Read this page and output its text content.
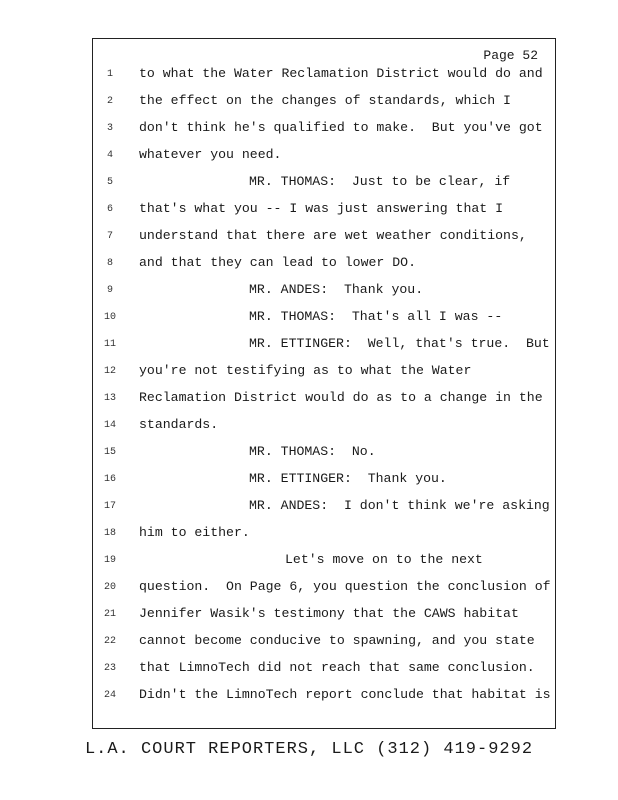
Page 52
1	to what the Water Reclamation District would do and
2	the effect on the changes of standards, which I
3	don't think he's qualified to make.  But you've got
4	whatever you need.
5	MR. THOMAS:  Just to be clear, if
6	that's what you -- I was just answering that I
7	understand that there are wet weather conditions,
8	and that they can lead to lower DO.
9	MR. ANDES:  Thank you.
10	MR. THOMAS:  That's all I was --
11	MR. ETTINGER:  Well, that's true.  But
12	you're not testifying as to what the Water
13	Reclamation District would do as to a change in the
14	standards.
15	MR. THOMAS:  No.
16	MR. ETTINGER:  Thank you.
17	MR. ANDES:  I don't think we're asking
18	him to either.
19	Let's move on to the next
20	question.  On Page 6, you question the conclusion of
21	Jennifer Wasik's testimony that the CAWS habitat
22	cannot become conducive to spawning, and you state
23	that LimnoTech did not reach that same conclusion.
24	Didn't the LimnoTech report conclude that habitat is
L.A. COURT REPORTERS, LLC (312) 419-9292
